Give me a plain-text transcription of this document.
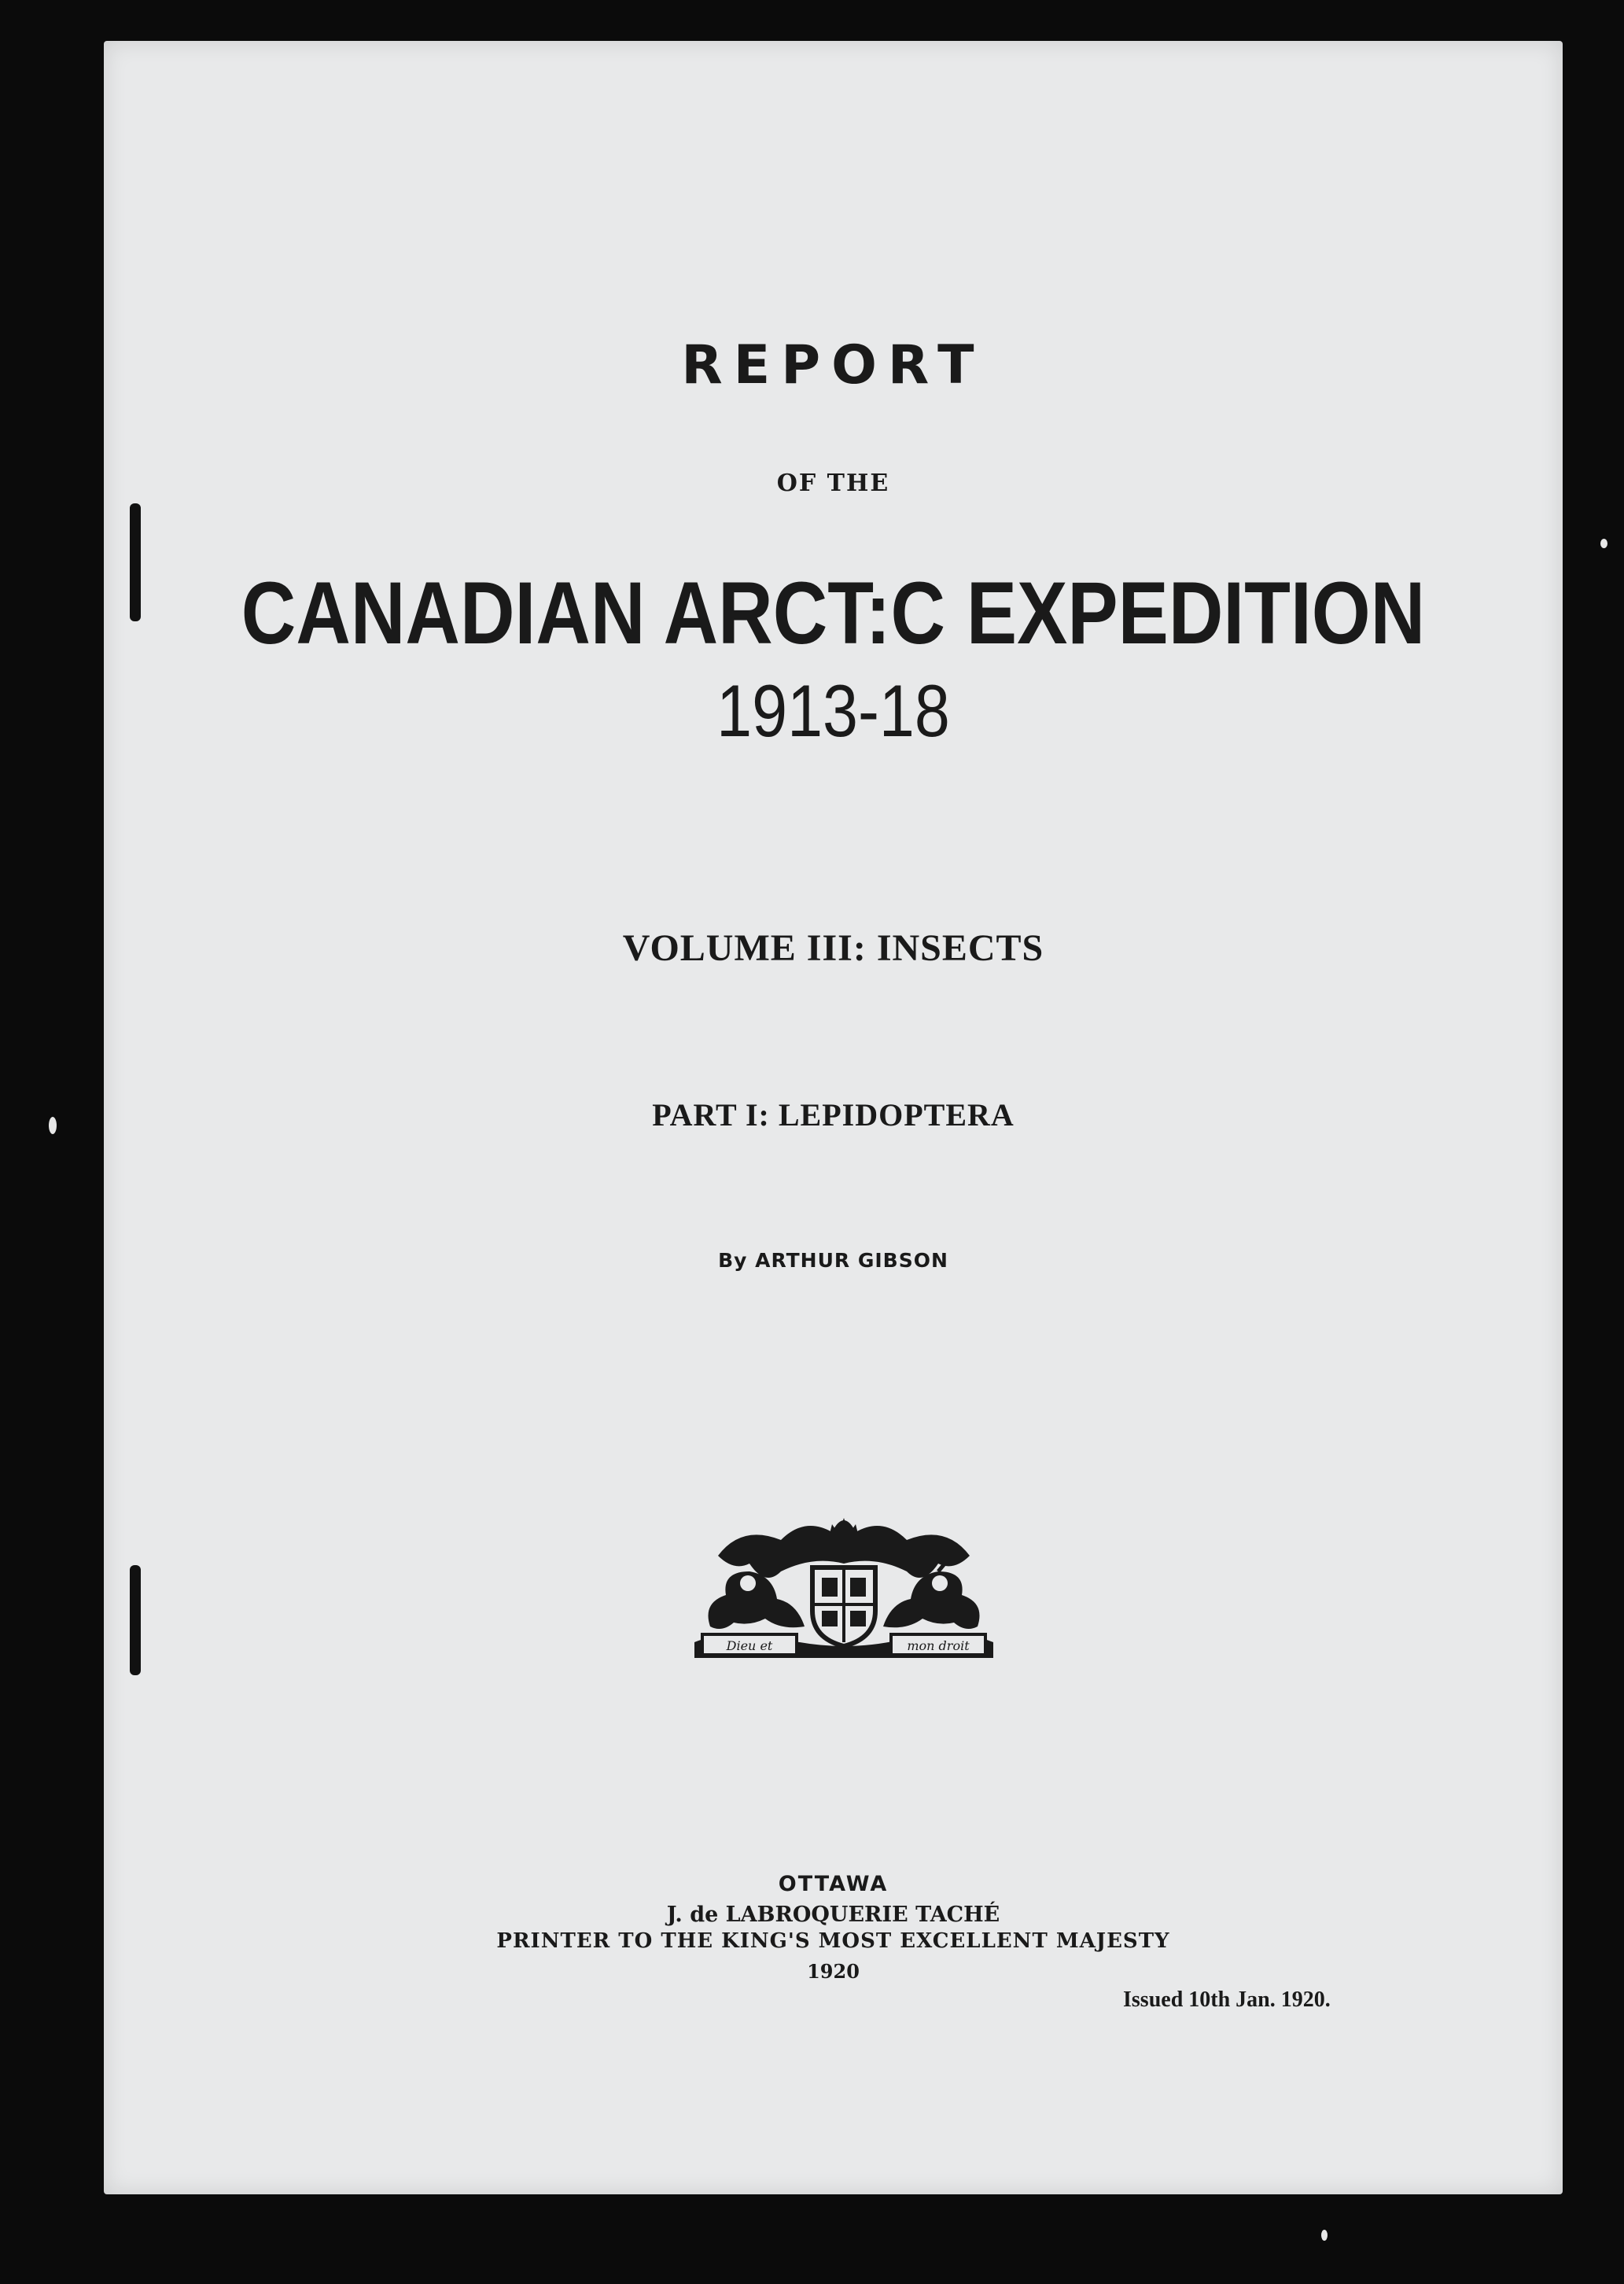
REPORT
OF THE
CANADIAN ARCT:C EXPEDITION
1913-18
VOLUME III: INSECTS
PART I: LEPIDOPTERA
By ARTHUR GIBSON
Dieu et	mon droit
OTTAWA
J. de LABROQUERIE TACHÉ
PRINTER TO THE KING'S MOST EXCELLENT MAJESTY
1920
Issued 10th Jan. 1920.
